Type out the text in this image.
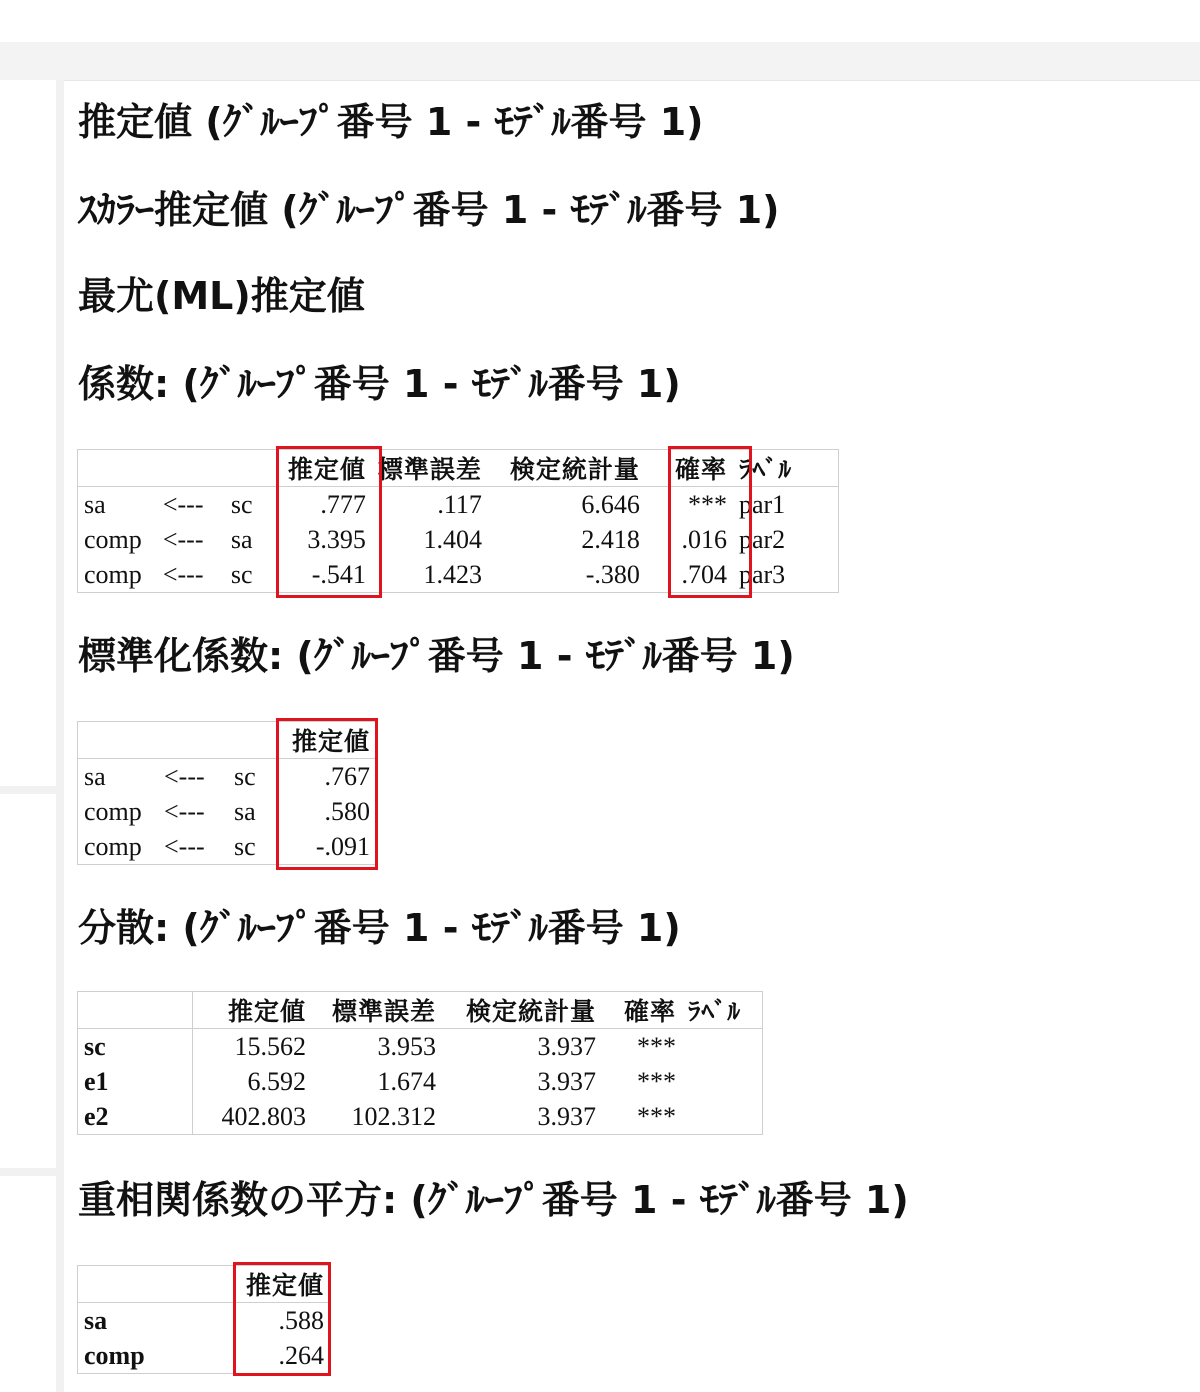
推定値 (ｸﾞﾙｰﾌﾟ番号 1 - ﾓﾃﾞﾙ番号 1)
ｽｶﾗｰ推定値 (ｸﾞﾙｰﾌﾟ番号 1 - ﾓﾃﾞﾙ番号 1)
最尤(ML)推定値
係数: (ｸﾞﾙｰﾌﾟ番号 1 - ﾓﾃﾞﾙ番号 1)
			推定値	標準誤差	検定統計量	確率	ﾗﾍﾞﾙ
sa	<---	sc	.777	.117	6.646	***	par1
comp	<---	sa	3.395	1.404	2.418	.016	par2
comp	<---	sc	-.541	1.423	-.380	.704	par3
標準化係数: (ｸﾞﾙｰﾌﾟ番号 1 - ﾓﾃﾞﾙ番号 1)
			推定値
sa	<---	sc	.767
comp	<---	sa	.580
comp	<---	sc	-.091
分散: (ｸﾞﾙｰﾌﾟ番号 1 - ﾓﾃﾞﾙ番号 1)
	推定値	標準誤差	検定統計量	確率	ﾗﾍﾞﾙ
sc	15.562	3.953	3.937	***	
e1	6.592	1.674	3.937	***	
e2	402.803	102.312	3.937	***	
重相関係数の平方: (ｸﾞﾙｰﾌﾟ番号 1 - ﾓﾃﾞﾙ番号 1)
	推定値
sa	.588
comp	.264
